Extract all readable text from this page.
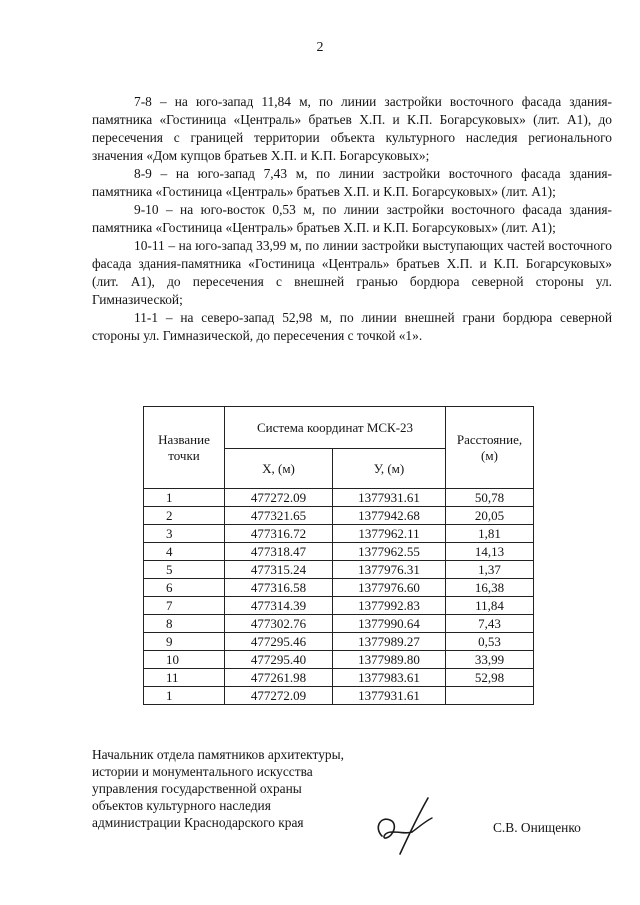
2

7-8 – на юго-запад 11,84 м, по линии застройки восточного фасада здания-памятника «Гостиница «Централь» братьев Х.П. и К.П. Богарсуковых» (лит. А1), до пересечения с границей территории объекта культурного наследия регионального значения «Дом купцов братьев Х.П. и К.П. Богарсуковых»;

8-9 – на юго-запад 7,43 м, по линии застройки восточного фасада здания-памятника «Гостиница «Централь» братьев Х.П. и К.П. Богарсуковых» (лит. А1);

9-10 – на юго-восток 0,53 м, по линии застройки восточного фасада здания-памятника «Гостиница «Централь» братьев Х.П. и К.П. Богарсуковых» (лит. А1);

10-11 – на юго-запад 33,99 м, по линии застройки выступающих частей восточного фасада здания-памятника «Гостиница «Централь» братьев Х.П. и К.П. Богарсуковых» (лит. А1), до пересечения с внешней гранью бордюра северной стороны ул. Гимназической;

11-1 – на северо-запад 52,98 м, по линии внешней грани бордюра северной стороны ул. Гимназической, до пересечения с точкой «1».

Название точки	Система координат МСК-23		Расстояние, (м)
	Х, (м)	У, (м)	
1	477272.09	1377931.61	50,78
2	477321.65	1377942.68	20,05
3	477316.72	1377962.11	1,81
4	477318.47	1377962.55	14,13
5	477315.24	1377976.31	1,37
6	477316.58	1377976.60	16,38
7	477314.39	1377992.83	11,84
8	477302.76	1377990.64	7,43
9	477295.46	1377989.27	0,53
10	477295.40	1377989.80	33,99
11	477261.98	1377983.61	52,98
1	477272.09	1377931.61	
Начальник отдела памятников архитектуры,
истории и монументального искусства
управления государственной охраны
объектов культурного наследия
администрации Краснодарского края	С.В. Онищенко
